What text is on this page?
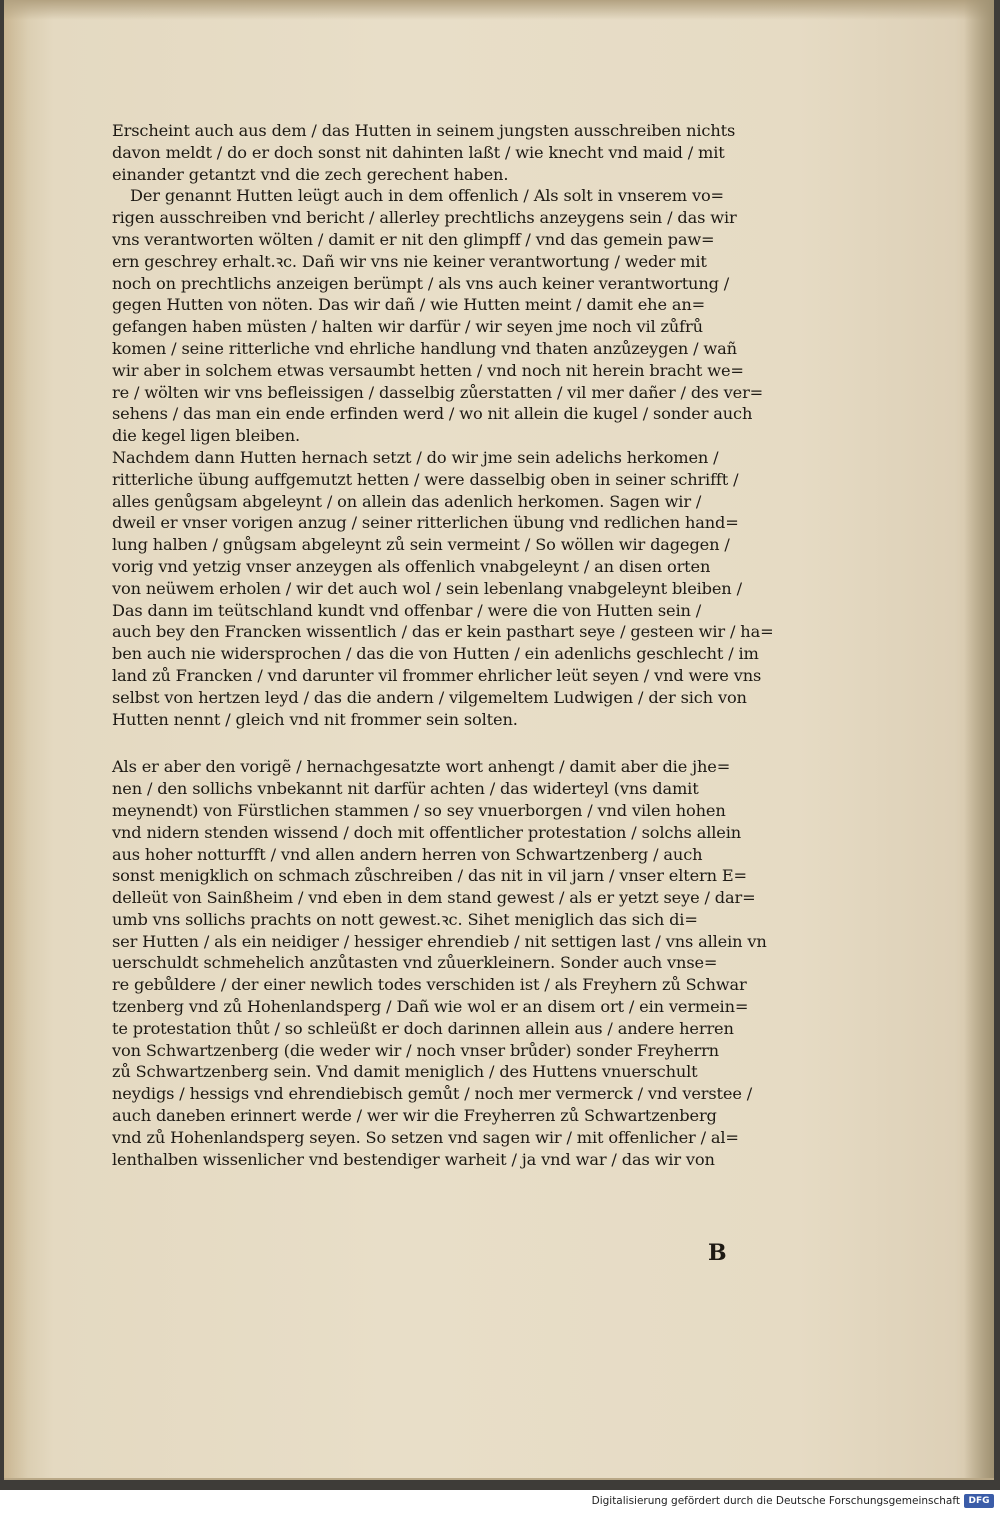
Erscheint auch aus dem / das Hutten in seinem jungsten ausschreiben nichts
davon meldt / do er doch sonst nit dahinten laßt / wie knecht vnd maid / mit
einander getantzt vnd die zech gerechent haben.
Der genannt Hutten leügt auch in dem offenlich / Als solt in vnserem vo=
rigen ausschreiben vnd bericht / allerley prechtlichs anzeygens sein / das wir
vns verantworten wölten / damit er nit den glimpff / vnd das gemein paw=
ern geschrey erhalt.ꝛc. Dañ wir vns nie keiner verantwortung / weder mit
noch on prechtlichs anzeigen berümpt / als vns auch keiner verantwortung /
gegen Hutten von nöten. Das wir dañ / wie Hutten meint / damit ehe an=
gefangen haben müsten / halten wir darfür / wir seyen jme noch vil zůfrů
komen / seine ritterliche vnd ehrliche handlung vnd thaten anzůzeygen / wañ
wir aber in solchem etwas versaumbt hetten / vnd noch nit herein bracht we=
re / wölten wir vns befleissigen / dasselbig zůerstatten / vil mer dañer / des ver=
sehens / das man ein ende erfinden werd / wo nit allein die kugel / sonder auch
die kegel ligen bleiben.
Nachdem dann Hutten hernach setzt / do wir jme sein adelichs herkomen /
ritterliche übung auffgemutzt hetten / were dasselbig oben in seiner schrifft /
alles genůgsam abgeleynt / on allein das adenlich herkomen. Sagen wir /
dweil er vnser vorigen anzug / seiner ritterlichen übung vnd redlichen hand=
lung halben / gnůgsam abgeleynt zů sein vermeint / So wöllen wir dagegen /
vorig vnd yetzig vnser anzeygen als offenlich vnabgeleynt / an disen orten
von neüwem erholen / wir det auch wol / sein lebenlang vnabgeleynt bleiben /
Das dann im teütschland kundt vnd offenbar / were die von Hutten sein /
auch bey den Francken wissentlich / das er kein pasthart seye / gesteen wir / ha=
ben auch nie widersprochen / das die von Hutten / ein adenlichs geschlecht / im
land zů Francken / vnd darunter vil frommer ehrlicher leüt seyen / vnd were vns
selbst von hertzen leyd / das die andern / vilgemeltem Ludwigen / der sich von
Hutten nennt / gleich vnd nit frommer sein solten.
Als er aber den vorigẽ / hernachgesatzte wort anhengt / damit aber die jhe=
nen / den sollichs vnbekannt nit darfür achten / das widerteyl (vns damit
meynendt) von Fürstlichen stammen / so sey vnuerborgen / vnd vilen hohen
vnd nidern stenden wissend / doch mit offentlicher protestation / solchs allein
aus hoher notturfft / vnd allen andern herren von Schwartzenberg / auch
sonst menigklich on schmach zůschreiben / das nit in vil jarn / vnser eltern E=
delleüt von Sainßheim / vnd eben in dem stand gewest / als er yetzt seye / dar=
umb vns sollichs prachts on nott gewest.ꝛc. Sihet meniglich das sich di=
ser Hutten / als ein neidiger / hessiger ehrendieb / nit settigen last / vns allein vn
uerschuldt schmehelich anzůtasten vnd zůuerkleinern. Sonder auch vnse=
re gebůldere / der einer newlich todes verschiden ist / als Freyhern zů Schwar
tzenberg vnd zů Hohenlandsperg / Dañ wie wol er an disem ort / ein vermein=
te protestation thůt / so schleüßt er doch darinnen allein aus / andere herren
von Schwartzenberg (die weder wir / noch vnser brůder) sonder Freyherrn
zů Schwartzenberg sein. Vnd damit meniglich / des Huttens vnuerschult
neydigs / hessigs vnd ehrendiebisch gemůt / noch mer vermerck / vnd verstee /
auch daneben erinnert werde / wer wir die Freyherren zů Schwartzenberg
vnd zů Hohenlandsperg seyen. So setzen vnd sagen wir / mit offenlicher / al=
lenthalben wissenlicher vnd bestendiger warheit / ja vnd war / das wir von
B
Digitalisierung gefördert durch die Deutsche Forschungsgemeinschaft DFG
